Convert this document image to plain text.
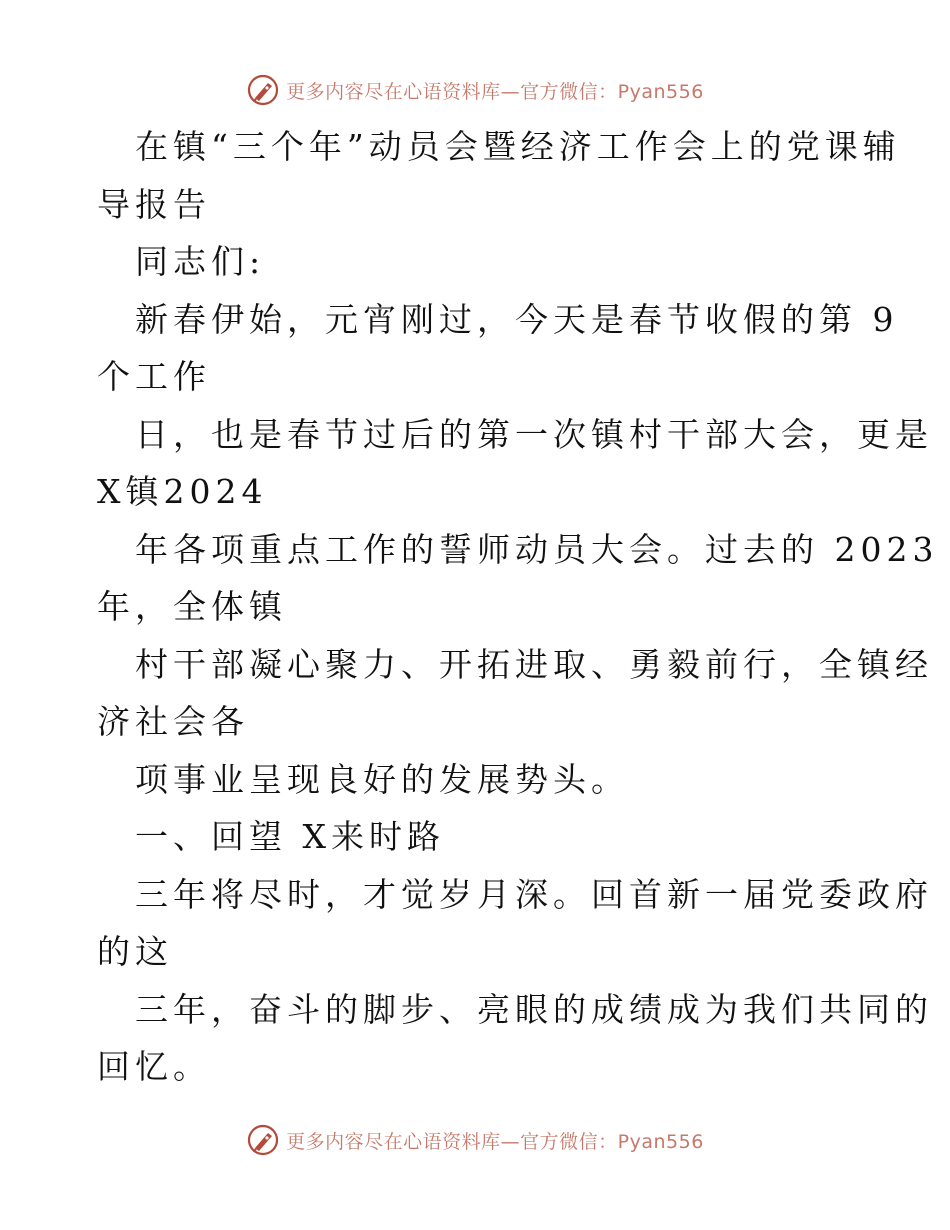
更多内容尽在心语资料库—官方微信：Pyan556

在镇“三个年”动员会暨经济工作会上的党课辅

导报告

同志们:

新春伊始，元宵刚过，今天是春节收假的第 9

个工作

日，也是春节过后的第一次镇村干部大会，更是

X镇2024

年各项重点工作的誓师动员大会。过去的 2023

年，全体镇

村干部凝心聚力、开拓进取、勇毅前行，全镇经

济社会各

项事业呈现良好的发展势头。

一、回望 X来时路

三年将尽时，才觉岁月深。回首新一届党委政府

的这

三年，奋斗的脚步、亮眼的成绩成为我们共同的

回忆。

更多内容尽在心语资料库—官方微信：Pyan556
